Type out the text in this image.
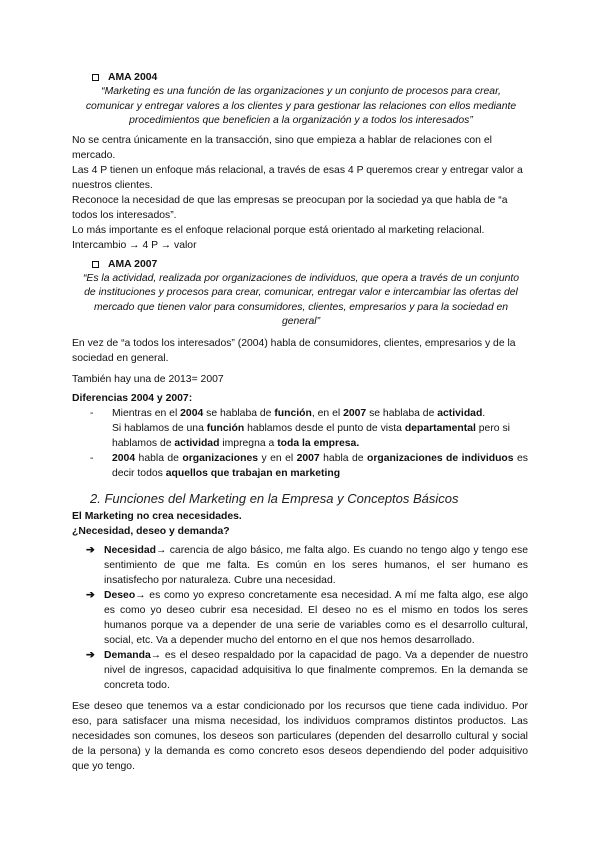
AMA 2004

“Marketing es una función de las organizaciones y un conjunto de procesos para crear, comunicar y entregar valores a los clientes y para gestionar las relaciones con ellos mediante procedimientos que beneficien a la organización y a todos los interesados”

No se centra únicamente en la transacción, sino que empieza a hablar de relaciones con el mercado.

Las 4 P tienen un enfoque más relacional, a través de esas 4 P queremos crear y entregar valor a nuestros clientes.

Reconoce la necesidad de que las empresas se preocupan por la sociedad ya que habla de “a todos los interesados”.

Lo más importante es el enfoque relacional porque está orientado al marketing relacional.

Intercambio → 4 P → valor

AMA 2007

“Es la actividad, realizada por organizaciones de individuos, que opera a través de un conjunto de instituciones y procesos para crear, comunicar, entregar valor e intercambiar las ofertas del mercado que tienen valor para consumidores, clientes, empresarios y para la sociedad en general”

En vez de “a todos los interesados” (2004) habla de consumidores, clientes, empresarios y de la sociedad en general.

También hay una de 2013= 2007

Diferencias 2004 y 2007:

-	Mientras en el 2004 se hablaba de función, en el 2007 se hablaba de actividad.

Si hablamos de una función hablamos desde el punto de vista departamental pero si hablamos de actividad impregna a toda la empresa.

-	2004 habla de organizaciones y en el 2007 habla de organizaciones de individuos es decir todos aquellos que trabajan en marketing
2. Funciones del Marketing en la Empresa y Conceptos Básicos

El Marketing no crea necesidades.

¿Necesidad, deseo y demanda?

➔ Necesidad→ carencia de algo básico, me falta algo. Es cuando no tengo algo y tengo ese sentimiento de que me falta. Es común en los seres humanos, el ser humano es insatisfecho por naturaleza. Cubre una necesidad.
➔ Deseo→ es como yo expreso concretamente esa necesidad. A mí me falta algo, ese algo es como yo deseo cubrir esa necesidad. El deseo no es el mismo en todos los seres humanos porque va a depender de una serie de variables como es el desarrollo cultural, social, etc. Va a depender mucho del entorno en el que nos hemos desarrollado.
➔ Demanda→ es el deseo respaldado por la capacidad de pago. Va a depender de nuestro nivel de ingresos, capacidad adquisitiva lo que finalmente compremos. En la demanda se concreta todo.

Ese deseo que tenemos va a estar condicionado por los recursos que tiene cada individuo. Por eso, para satisfacer una misma necesidad, los individuos compramos distintos productos. Las necesidades son comunes, los deseos son particulares (dependen del desarrollo cultural y social de la persona) y la demanda es como concreto esos deseos dependiendo del poder adquisitivo que yo tengo.
